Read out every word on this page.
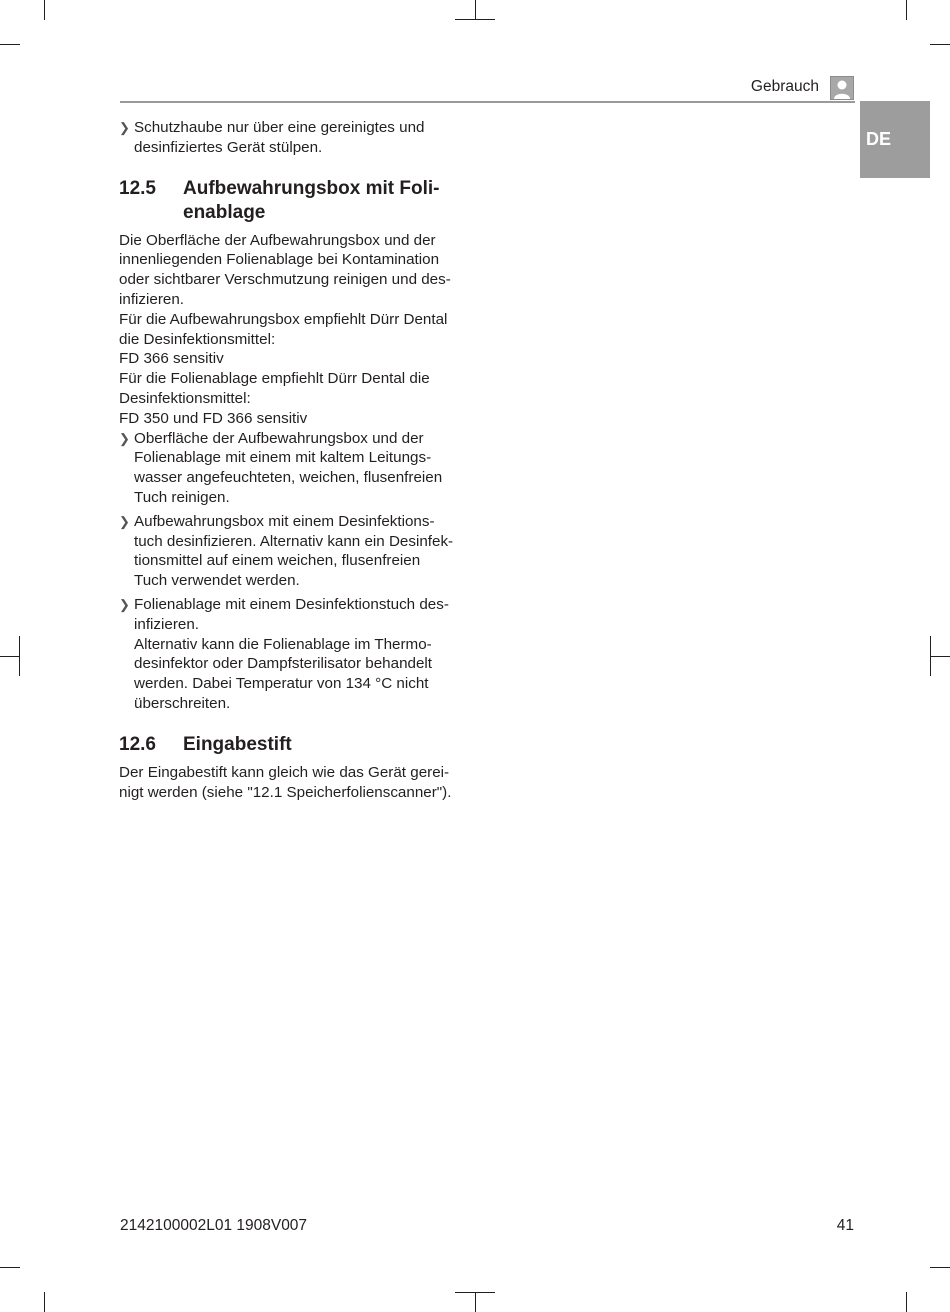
Gebrauch
DE
❯ Schutzhaube nur über eine gereinigtes und desinfiziertes Gerät stülpen.
12.5	Aufbewahrungsbox mit Foli-
enablage
Die Oberfläche der Aufbewahrungsbox und der
innenliegenden Folienablage bei Kontamination
oder sichtbarer Verschmutzung reinigen und des-
infizieren.
Für die Aufbewahrungsbox empfiehlt Dürr Dental
die Desinfektionsmittel:
FD 366 sensitiv
Für die Folienablage empfiehlt Dürr Dental die
Desinfektionsmittel:
FD 350 und FD 366 sensitiv
❯ Oberfläche der Aufbewahrungsbox und der
Folienablage mit einem mit kaltem Leitungs-
wasser angefeuchteten, weichen, flusenfreien
Tuch reinigen.
❯ Aufbewahrungsbox mit einem Desinfektions-
tuch desinfizieren. Alternativ kann ein Desinfek-
tionsmittel auf einem weichen, flusenfreien
Tuch verwendet werden.
❯ Folienablage mit einem Desinfektionstuch des-
infizieren.
Alternativ kann die Folienablage im Thermo-
desinfektor oder Dampfsterilisator behandelt
werden. Dabei Temperatur von 134 °C nicht
überschreiten.
12.6	Eingabestift
Der Eingabestift kann gleich wie das Gerät gerei-
nigt werden (siehe "12.1 Speicherfolienscanner").
2142100002L01 1908V007	41
